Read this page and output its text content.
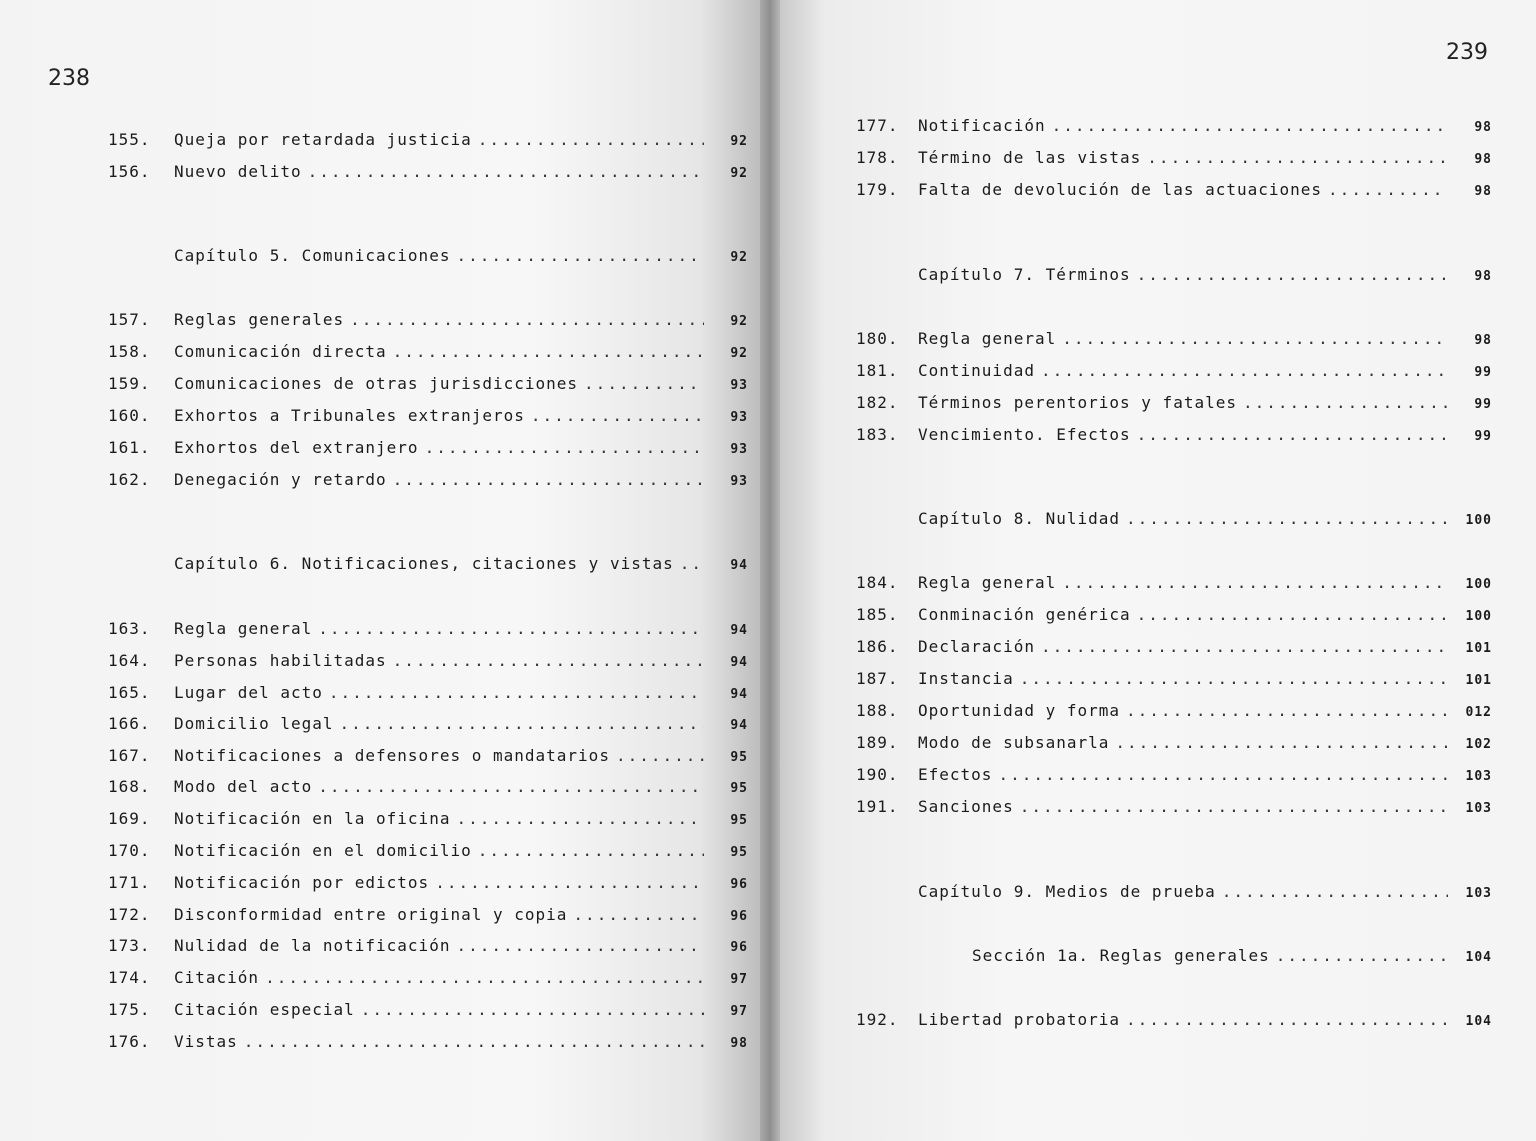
238
155.	Queja por retardada justicia .....	92
156.	Nuevo delito .....	92
Capítulo 5. Comunicaciones .....	92
157.	Reglas generales .....	92
158.	Comunicación directa .....	92
159.	Comunicaciones de otras jurisdicciones .....	93
160.	Exhortos a Tribunales extranjeros .....	93
161.	Exhortos del extranjero .....	93
162.	Denegación y retardo .....	93
Capítulo 6. Notificaciones, citaciones y vistas .....	94
163.	Regla general .....	94
164.	Personas habilitadas .....	94
165.	Lugar del acto .....	94
166.	Domicilio legal .....	94
167.	Notificaciones a defensores o mandatarios .....	95
168.	Modo del acto .....	95
169.	Notificación en la oficina .....	95
170.	Notificación en el domicilio .....	95
171.	Notificación por edictos .....	96
172.	Disconformidad entre original y copia .....	96
173.	Nulidad de la notificación .....	96
174.	Citación .....	97
175.	Citación especial .....	97
176.	Vistas .....	98
239
177.	Notificación .....	98
178.	Término de las vistas .....	98
179.	Falta de devolución de las actuaciones .....	98
Capítulo 7. Términos .....	98
180.	Regla general .....	98
181.	Continuidad .....	99
182.	Términos perentorios y fatales .....	99
183.	Vencimiento. Efectos .....	99
Capítulo 8. Nulidad .....	100
184.	Regla general .....	100
185.	Conminación genérica .....	100
186.	Declaración .....	101
187.	Instancia .....	101
188.	Oportunidad y forma .....	012
189.	Modo de subsanarla .....	102
190.	Efectos .....	103
191.	Sanciones .....	103
Capítulo 9. Medios de prueba .....	103
Sección 1a. Reglas generales .....	104
192.	Libertad probatoria .....	104
